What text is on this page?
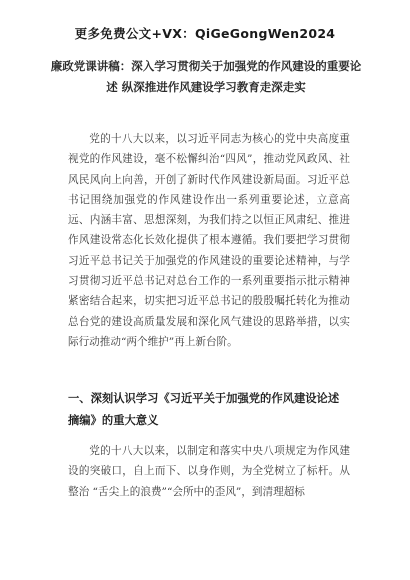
更多免费公文+VX：QiGeGongWen2024
廉政党课讲稿：深入学习贯彻关于加强党的作风建设的重要论述 纵深推进作风建设学习教育走深走实
党的十八大以来，以习近平同志为核心的党中央高度重视党的作风建设，毫不松懈纠治“四风”，推动党风政风、社风民风向上向善，开创了新时代作风建设新局面。习近平总书记围绕加强党的作风建设作出一系列重要论述，立意高远、内涵丰富、思想深刻，为我们持之以恒正风肃纪、推进作风建设常态化长效化提供了根本遵循。我们要把学习贯彻习近平总书记关于加强党的作风建设的重要论述精神，与学习贯彻习近平总书记对总台工作的一系列重要指示批示精神紧密结合起来，切实把习近平总书记的殷殷嘱托转化为推动总台党的建设高质量发展和深化风气建设的思路举措，以实际行动推动“两个维护”再上新台阶。
一、深刻认识学习《习近平关于加强党的作风建设论述摘编》的重大意义
党的十八大以来，以制定和落实中央八项规定为作风建设的突破口，自上而下、以身作则，为全党树立了标杆。从整治 “舌尖上的浪费”“会所中的歪风”，到清理超标
